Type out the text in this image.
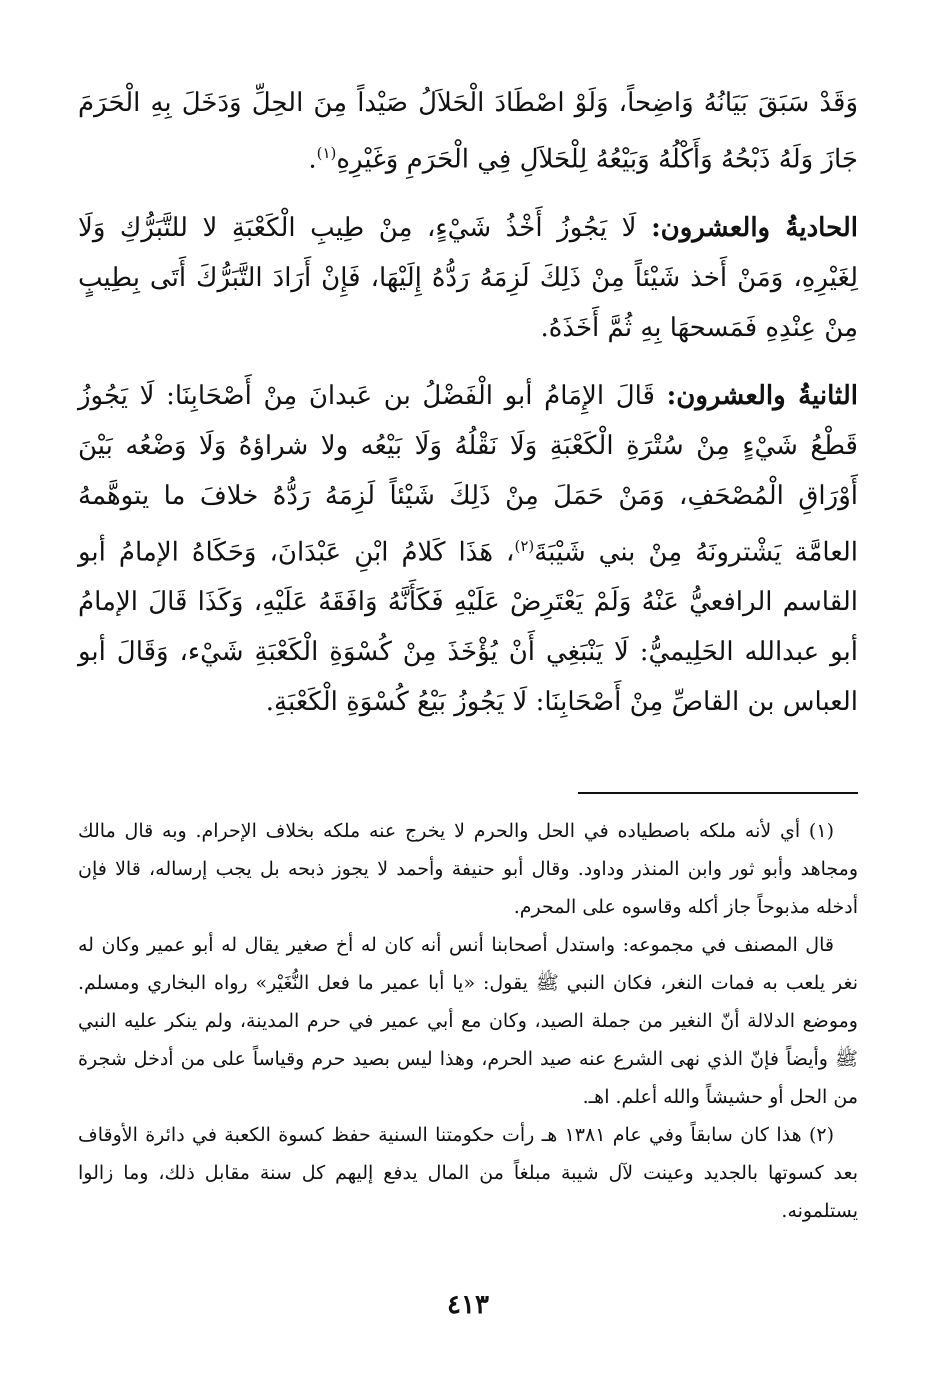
وَقَدْ سَبَقَ بَيَانُهُ وَاضِحاً، وَلَوْ اصْطَادَ الْحَلاَلُ صَيْداً مِنَ الحِلِّ وَدَخَلَ بِهِ الْحَرَمَ جَازَ وَلَهُ ذَبْحُهُ وَأَكْلُهُ وَبَيْعُهُ لِلْحَلاَلِ فِي الْحَرَمِ وَغَيْرِهِ$^{(١)}$.

الحاديةُ والعشرون: لَا يَجُوزُ أَخْذُ شَيْءٍ، مِنْ طِيبِ الْكَعْبَةِ لا للتَّبَرُّكِ وَلَا لِغَيْرِهِ، وَمَنْ أَخذ شَيْئاً مِنْ ذَلِكَ لَزِمَهُ رَدُّهُ إِلَيْهَا، فَإِنْ أَرَادَ التَّبَرُّكَ أَتَى بِطِيبٍ مِنْ عِنْدِهِ فَمَسحهَا بِهِ ثُمَّ أَخَذَهُ.

الثانيةُ والعشرون: قَالَ الإِمَامُ أبو الْفَضْلُ بن عَبدانَ مِنْ أَصْحَابِنَا: لَا يَجُوزُ قَطْعُ شَيْءٍ مِنْ سُتْرَةِ الْكَعْبَةِ وَلَا نَقْلُهُ وَلَا بَيْعُه ولا شراؤهُ وَلَا وَضْعُه بَيْنَ أَوْرَاقِ الْمُصْحَفِ، وَمَنْ حَمَلَ مِنْ ذَلِكَ شَيْئاً لَزِمَهُ رَدُّهُ خلافَ ما يتوهَّمهُ العامَّة يَشْترونَهُ مِنْ بني شَيْبَةَ$^{(٢)}$، هَذَا كَلامُ ابْنِ عَبْدَانَ، وَحَكَاهُ الإمامُ أبو القاسم الرافعيُّ عَنْهُ وَلَمْ يَعْتَرِضْ عَلَيْهِ فَكَأَنَّهُ وَافَقَهُ عَلَيْهِ، وَكَذَا قَالَ الإمامُ أبو عبدالله الحَلِيميُّ: لَا يَنْبَغِي أَنْ يُؤْخَذَ مِنْ كُسْوَةِ الْكَعْبَةِ شَيْء، وَقَالَ أبو العباس بن القاصِّ مِنْ أَصْحَابِنَا: لَا يَجُوزُ بَيْعُ كُسْوَةِ الْكَعْبَةِ.

(١) أي لأنه ملكه باصطياده في الحل والحرم لا يخرج عنه ملكه بخلاف الإحرام. وبه قال مالك ومجاهد وأبو ثور وابن المنذر وداود. وقال أبو حنيفة وأحمد لا يجوز ذبحه بل يجب إرساله، قالا فإن أدخله مذبوحاً جاز أكله وقاسوه على المحرم.

قال المصنف في مجموعه: واستدل أصحابنا أنس أنه كان له أخ صغير يقال له أبو عمير وكان له نغر يلعب به فمات النغر، فكان النبي ﷺ يقول: «يا أبا عمير ما فعل النُّغَيْر» رواه البخاري ومسلم. وموضع الدلالة أنّ النغير من جملة الصيد، وكان مع أبي عمير في حرم المدينة، ولم ينكر عليه النبي ﷺ وأيضاً فإنّ الذي نهى الشرع عنه صيد الحرم، وهذا ليس بصيد حرم وقياساً على من أدخل شجرة من الحل أو حشيشاً والله أعلم. اهـ.

(٢) هذا كان سابقاً وفي عام ١٣٨١ هـ رأت حكومتنا السنية حفظ كسوة الكعبة في دائرة الأوقاف بعد كسوتها بالجديد وعينت لآل شيبة مبلغاً من المال يدفع إليهم كل سنة مقابل ذلك، وما زالوا يستلمونه.

٤١٣
